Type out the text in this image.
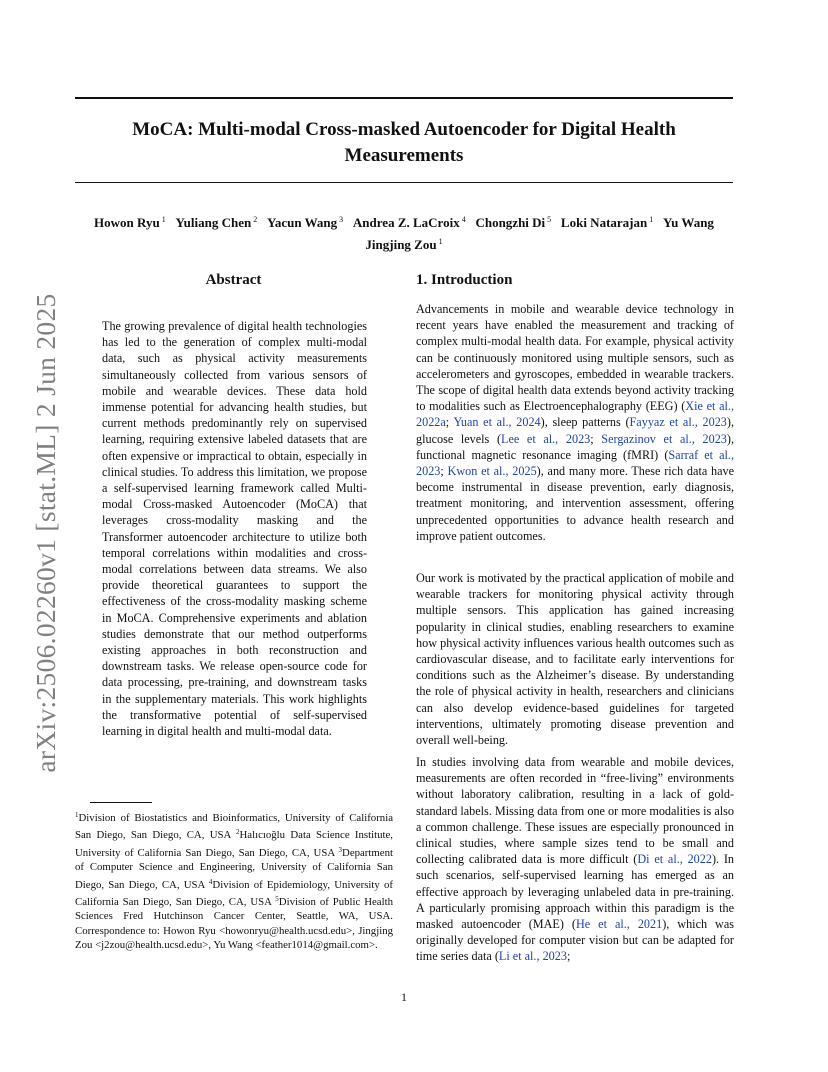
MoCA: Multi-modal Cross-masked Autoencoder for Digital Health
Measurements
Howon Ryu $^1$ Yuliang Chen $^2$ Yacun Wang $^3$ Andrea Z. LaCroix $^4$ Chongzhi Di $^5$ Loki Natarajan $^1$ Yu Wang
Jingjing Zou $^1$
arXiv:2506.02260v1 [stat.ML] 2 Jun 2025
Abstract

The growing prevalence of digital health technologies has led to the generation of complex multi-modal data, such as physical activity measurements simultaneously collected from various sensors of mobile and wearable devices. These data hold immense potential for advancing health studies, but current methods predominantly rely on supervised learning, requiring extensive labeled datasets that are often expensive or impractical to obtain, especially in clinical studies. To address this limitation, we propose a self-supervised learning framework called Multi-modal Cross-masked Autoencoder (MoCA) that leverages cross-modality masking and the Transformer autoencoder architecture to utilize both temporal correlations within modalities and cross-modal correlations between data streams. We also provide theoretical guarantees to support the effectiveness of the cross-modality masking scheme in MoCA. Comprehensive experiments and ablation studies demonstrate that our method outperforms existing approaches in both reconstruction and downstream tasks. We release open-source code for data processing, pre-training, and downstream tasks in the supplementary materials. This work highlights the transformative potential of self-supervised learning in digital health and multi-modal data.

1. Introduction

Advancements in mobile and wearable device technology in recent years have enabled the measurement and tracking of complex multi-modal health data. For example, physical activity can be continuously monitored using multiple sensors, such as accelerometers and gyroscopes, embedded in wearable trackers. The scope of digital health data extends beyond activity tracking to modalities such as Electroencephalography (EEG) (Xie et al., 2022a; Yuan et al., 2024), sleep patterns (Fayyaz et al., 2023), glucose levels (Lee et al., 2023; Sergazinov et al., 2023), functional magnetic resonance imaging (fMRI) (Sarraf et al., 2023; Kwon et al., 2025), and many more. These rich data have become instrumental in disease prevention, early diagnosis, treatment monitoring, and intervention assessment, offering unprecedented opportunities to advance health research and improve patient outcomes.

Our work is motivated by the practical application of mobile and wearable trackers for monitoring physical activity through multiple sensors. This application has gained increasing popularity in clinical studies, enabling researchers to examine how physical activity influences various health outcomes such as cardiovascular disease, and to facilitate early interventions for conditions such as the Alzheimer’s disease. By understanding the role of physical activity in health, researchers and clinicians can also develop evidence-based guidelines for targeted interventions, ultimately promoting disease prevention and overall well-being.

In studies involving data from wearable and mobile devices, measurements are often recorded in “free-living” environments without laboratory calibration, resulting in a lack of gold-standard labels. Missing data from one or more modalities is also a common challenge. These issues are especially pronounced in clinical studies, where sample sizes tend to be small and collecting calibrated data is more difficult (Di et al., 2022). In such scenarios, self-supervised learning has emerged as an effective approach by leveraging unlabeled data in pre-training. A particularly promising approach within this paradigm is the masked autoencoder (MAE) (He et al., 2021), which was originally developed for computer vision but can be adapted for time series data (Li et al., 2023;

$^1$Division of Biostatistics and Bioinformatics, University of California San Diego, San Diego, CA, USA $^2$Halıcıoğlu Data Science Institute, University of California San Diego, San Diego, CA, USA $^3$Department of Computer Science and Engineering, University of California San Diego, San Diego, CA, USA $^4$Division of Epidemiology, University of California San Diego, San Diego, CA, USA $^5$Division of Public Health Sciences Fred Hutchinson Cancer Center, Seattle, WA, USA. Correspondence to: Howon Ryu <howonryu@health.ucsd.edu>, Jingjing Zou <j2zou@health.ucsd.edu>, Yu Wang <feather1014@gmail.com>.

1
